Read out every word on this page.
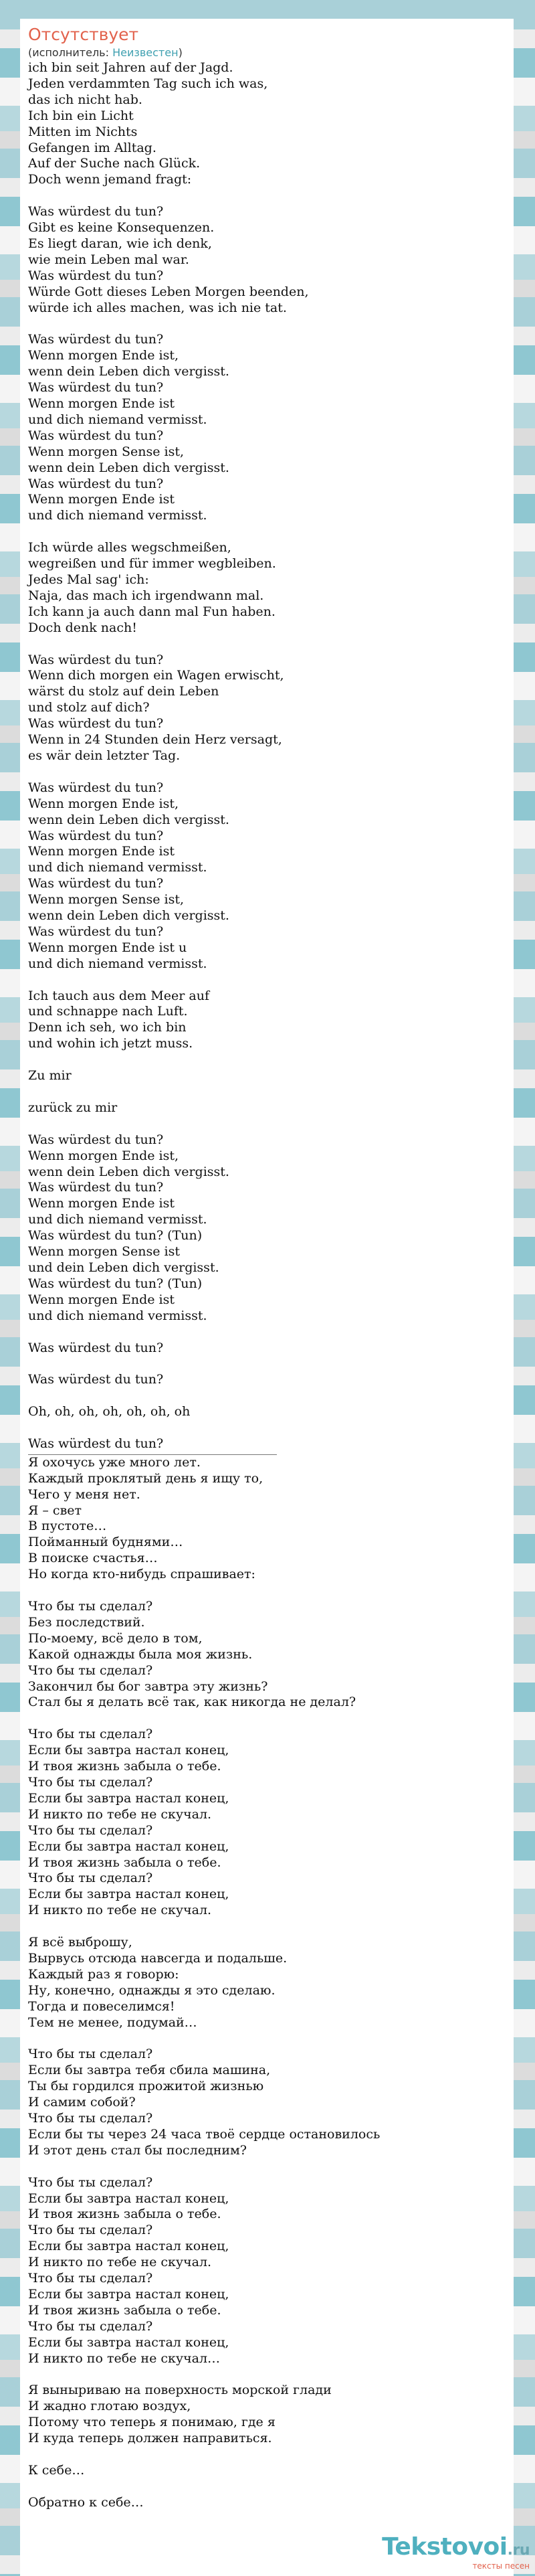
Отсутствует
(исполнитель: Неизвестен)
ich bin seit Jahren auf der Jagd.
Jeden verdammten Tag such ich was,
das ich nicht hab.
Ich bin ein Licht
Mitten im Nichts
Gefangen im Alltag.
Auf der Suche nach Glück.
Doch wenn jemand fragt:

Was würdest du tun?
Gibt es keine Konsequenzen.
Es liegt daran, wie ich denk,
wie mein Leben mal war.
Was würdest du tun?
Würde Gott dieses Leben Morgen beenden,
würde ich alles machen, was ich nie tat.

Was würdest du tun?
Wenn morgen Ende ist,
wenn dein Leben dich vergisst.
Was würdest du tun?
Wenn morgen Ende ist
und dich niemand vermisst.
Was würdest du tun?
Wenn morgen Sense ist,
wenn dein Leben dich vergisst.
Was würdest du tun?
Wenn morgen Ende ist
und dich niemand vermisst.

Ich würde alles wegschmeißen,
wegreißen und für immer wegbleiben.
Jedes Mal sag' ich:
Naja, das mach ich irgendwann mal.
Ich kann ja auch dann mal Fun haben.
Doch denk nach!

Was würdest du tun?
Wenn dich morgen ein Wagen erwischt,
wärst du stolz auf dein Leben
und stolz auf dich?
Was würdest du tun?
Wenn in 24 Stunden dein Herz versagt,
es wär dein letzter Tag.

Was würdest du tun?
Wenn morgen Ende ist,
wenn dein Leben dich vergisst.
Was würdest du tun?
Wenn morgen Ende ist
und dich niemand vermisst.
Was würdest du tun?
Wenn morgen Sense ist,
wenn dein Leben dich vergisst.
Was würdest du tun?
Wenn morgen Ende ist u
und dich niemand vermisst.

Ich tauch aus dem Meer auf
und schnappe nach Luft.
Denn ich seh, wo ich bin
und wohin ich jetzt muss.

Zu mir

zurück zu mir

Was würdest du tun?
Wenn morgen Ende ist,
wenn dein Leben dich vergisst.
Was würdest du tun?
Wenn morgen Ende ist
und dich niemand vermisst.
Was würdest du tun? (Tun)
Wenn morgen Sense ist
und dein Leben dich vergisst.
Was würdest du tun? (Tun)
Wenn morgen Ende ist
und dich niemand vermisst.

Was würdest du tun?

Was würdest du tun?

Oh, oh, oh, oh, oh, oh, oh

Was würdest du tun?
Я охочусь уже много лет.
Каждый проклятый день я ищу то,
Чего у меня нет.
Я – свет
В пустоте…
Пойманный буднями…
В поиске счастья…
Но когда кто-нибудь спрашивает:

Что бы ты сделал?
Без последствий.
По-моему, всё дело в том,
Какой однажды была моя жизнь.
Что бы ты сделал?
Закончил бы бог завтра эту жизнь?
Стал бы я делать всё так, как никогда не делал?

Что бы ты сделал?
Если бы завтра настал конец,
И твоя жизнь забыла о тебе.
Что бы ты сделал?
Если бы завтра настал конец,
И никто по тебе не скучал.
Что бы ты сделал?
Если бы завтра настал конец,
И твоя жизнь забыла о тебе.
Что бы ты сделал?
Если бы завтра настал конец,
И никто по тебе не скучал.

Я всё выброшу,
Вырвусь отсюда навсегда и подальше.
Каждый раз я говорю:
Ну, конечно, однажды я это сделаю.
Тогда и повеселимся!
Тем не менее, подумай…

Что бы ты сделал?
Если бы завтра тебя сбила машина,
Ты бы гордился прожитой жизнью
И самим собой?
Что бы ты сделал?
Если бы ты через 24 часа твоё сердце остановилось
И этот день стал бы последним?

Что бы ты сделал?
Если бы завтра настал конец,
И твоя жизнь забыла о тебе.
Что бы ты сделал?
Если бы завтра настал конец,
И никто по тебе не скучал.
Что бы ты сделал?
Если бы завтра настал конец,
И твоя жизнь забыла о тебе.
Что бы ты сделал?
Если бы завтра настал конец,
И никто по тебе не скучал…

Я выныриваю на поверхность морской глади
И жадно глотаю воздух,
Потому что теперь я понимаю, где я
И куда теперь должен направиться.

К себе…

Обратно к себе…
Tekstovoi.ru
тексты песен
